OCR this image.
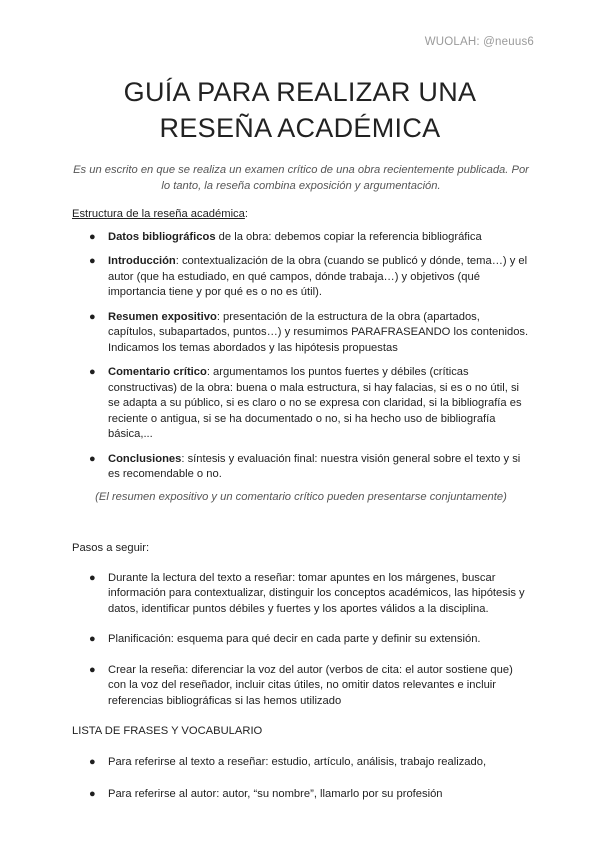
WUOLAH: @neuus6
GUÍA PARA REALIZAR UNA
RESEÑA ACADÉMICA

Es un escrito en que se realiza un examen crítico de una obra recientemente publicada. Por lo tanto, la reseña combina exposición y argumentación.

Estructura de la reseña académica:

● Datos bibliográficos de la obra: debemos copiar la referencia bibliográfica
● Introducción: contextualización de la obra (cuando se publicó y dónde, tema…) y el autor (que ha estudiado, en qué campos, dónde trabaja…) y objetivos (qué importancia tiene y por qué es o no es útil).
● Resumen expositivo: presentación de la estructura de la obra (apartados, capítulos, subapartados, puntos…) y resumimos PARAFRASEANDO los contenidos. Indicamos los temas abordados y las hipótesis propuestas
● Comentario crítico: argumentamos los puntos fuertes y débiles (críticas constructivas) de la obra: buena o mala estructura, si hay falacias, si es o no útil, si se adapta a su público, si es claro o no se expresa con claridad, si la bibliografía es reciente o antigua, si se ha documentado o no, si ha hecho uso de bibliografía básica,...
● Conclusiones: síntesis y evaluación final: nuestra visión general sobre el texto y si es recomendable o no.

(El resumen expositivo y un comentario crítico pueden presentarse conjuntamente)

Pasos a seguir:

● Durante la lectura del texto a reseñar: tomar apuntes en los márgenes, buscar información para contextualizar, distinguir los conceptos académicos, las hipótesis y datos, identificar puntos débiles y fuertes y los aportes válidos a la disciplina.
● Planificación: esquema para qué decir en cada parte y definir su extensión.
● Crear la reseña: diferenciar la voz del autor (verbos de cita: el autor sostiene que) con la voz del reseñador, incluir citas útiles, no omitir datos relevantes e incluir referencias bibliográficas si las hemos utilizado

LISTA DE FRASES Y VOCABULARIO

● Para referirse al texto a reseñar: estudio, artículo, análisis, trabajo realizado,
● Para referirse al autor: autor, “su nombre”, llamarlo por su profesión
